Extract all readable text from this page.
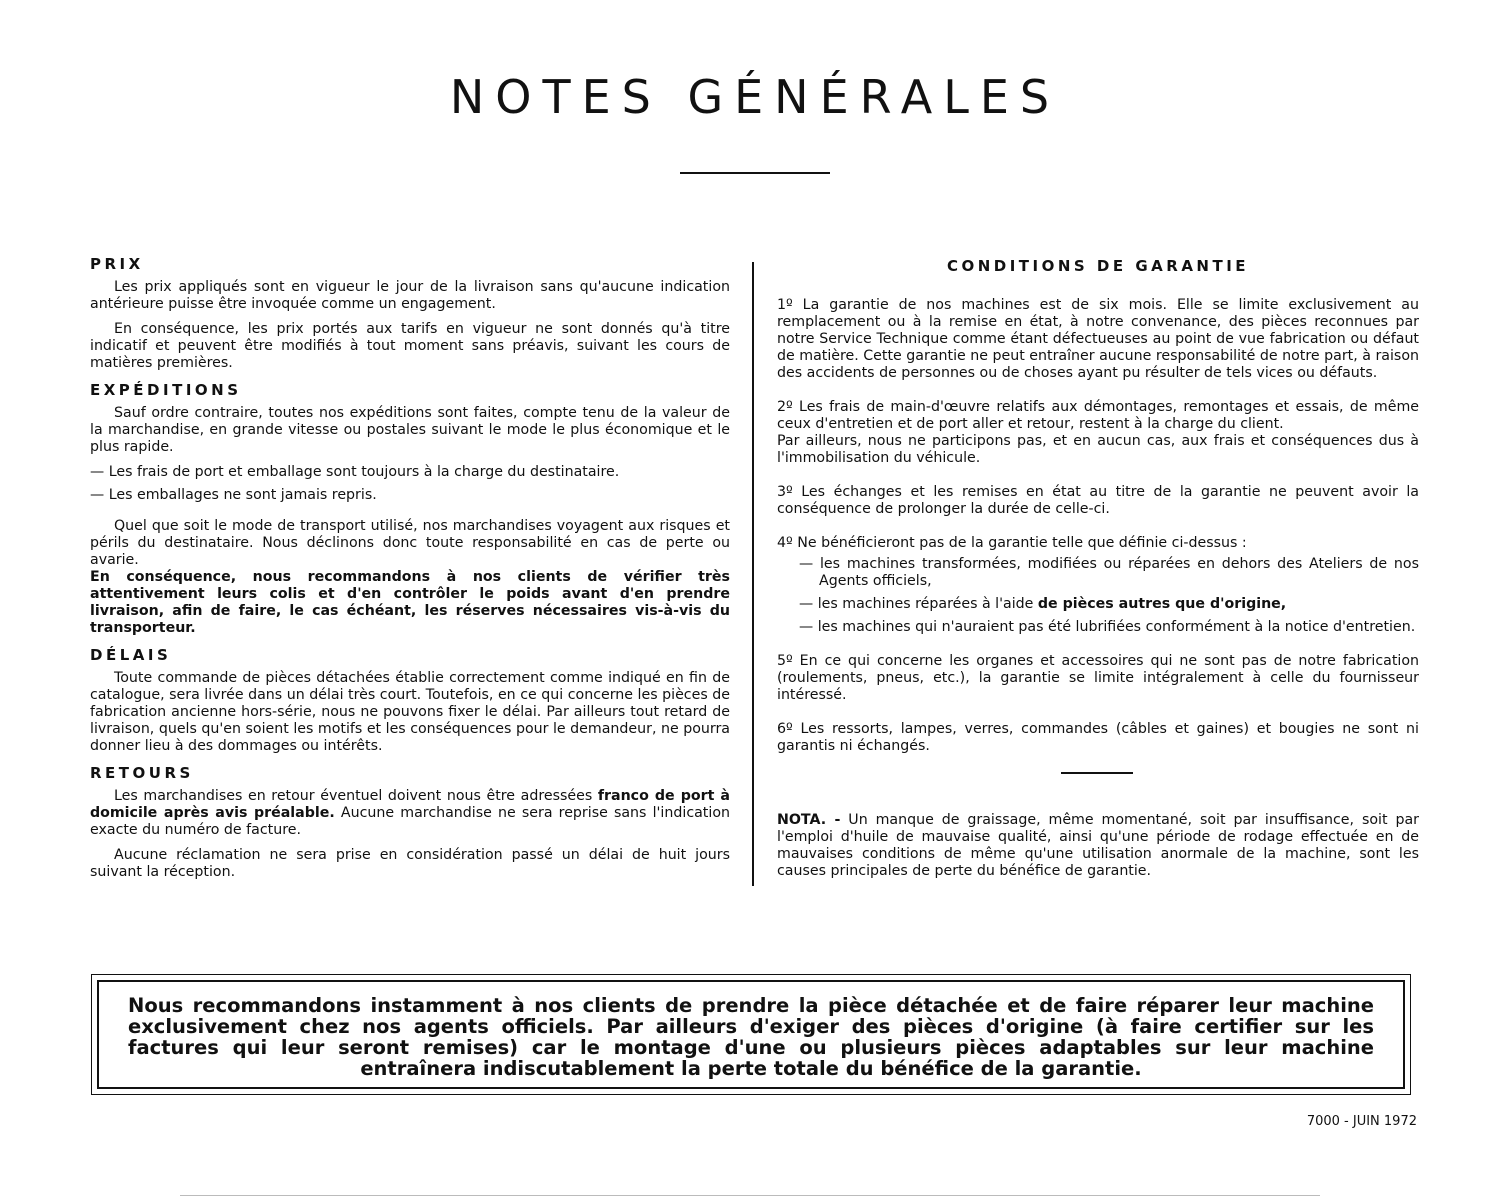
NOTES GÉNÉRALES
PRIX

Les prix appliqués sont en vigueur le jour de la livraison sans qu'aucune indication antérieure puisse être invoquée comme un engagement.

En conséquence, les prix portés aux tarifs en vigueur ne sont donnés qu'à titre indicatif et peuvent être modifiés à tout moment sans préavis, suivant les cours de matières premières.

EXPÉDITIONS

Sauf ordre contraire, toutes nos expéditions sont faites, compte tenu de la valeur de la marchandise, en grande vitesse ou postales suivant le mode le plus économique et le plus rapide.

— Les frais de port et emballage sont toujours à la charge du destinataire.

— Les emballages ne sont jamais repris.

Quel que soit le mode de transport utilisé, nos marchandises voyagent aux risques et périls du destinataire. Nous déclinons donc toute responsabilité en cas de perte ou avarie.

En conséquence, nous recommandons à nos clients de vérifier très attentivement leurs colis et d'en contrôler le poids avant d'en prendre livraison, afin de faire, le cas échéant, les réserves nécessaires vis-à-vis du transporteur.

DÉLAIS

Toute commande de pièces détachées établie correctement comme indiqué en fin de catalogue, sera livrée dans un délai très court. Toutefois, en ce qui concerne les pièces de fabrication ancienne hors-série, nous ne pouvons fixer le délai. Par ailleurs tout retard de livraison, quels qu'en soient les motifs et les conséquences pour le demandeur, ne pourra donner lieu à des dommages ou intérêts.

RETOURS

Les marchandises en retour éventuel doivent nous être adressées franco de port à domicile après avis préalable. Aucune marchandise ne sera reprise sans l'indication exacte du numéro de facture.

Aucune réclamation ne sera prise en considération passé un délai de huit jours suivant la réception.

CONDITIONS DE GARANTIE

1º La garantie de nos machines est de six mois. Elle se limite exclusivement au remplacement ou à la remise en état, à notre convenance, des pièces reconnues par notre Service Technique comme étant défectueuses au point de vue fabrication ou défaut de matière. Cette garantie ne peut entraîner aucune responsabilité de notre part, à raison des accidents de personnes ou de choses ayant pu résulter de tels vices ou défauts.

2º Les frais de main-d'œuvre relatifs aux démontages, remontages et essais, de même ceux d'entretien et de port aller et retour, restent à la charge du client.

Par ailleurs, nous ne participons pas, et en aucun cas, aux frais et conséquences dus à l'immobilisation du véhicule.

3º Les échanges et les remises en état au titre de la garantie ne peuvent avoir la conséquence de prolonger la durée de celle-ci.

4º Ne bénéficieront pas de la garantie telle que définie ci-dessus :

— les machines transformées, modifiées ou réparées en dehors des Ateliers de nos Agents officiels,

— les machines réparées à l'aide de pièces autres que d'origine,

— les machines qui n'auraient pas été lubrifiées conformément à la notice d'entretien.

5º En ce qui concerne les organes et accessoires qui ne sont pas de notre fabrication (roulements, pneus, etc.), la garantie se limite intégralement à celle du fournisseur intéressé.

6º Les ressorts, lampes, verres, commandes (câbles et gaines) et bougies ne sont ni garantis ni échangés.

NOTA. - Un manque de graissage, même momentané, soit par insuffisance, soit par l'emploi d'huile de mauvaise qualité, ainsi qu'une période de rodage effectuée en de mauvaises conditions de même qu'une utilisation anormale de la machine, sont les causes principales de perte du bénéfice de garantie.

Nous recommandons instamment à nos clients de prendre la pièce détachée et de faire réparer leur machine exclusivement chez nos agents officiels. Par ailleurs d'exiger des pièces d'origine (à faire certifier sur les factures qui leur seront remises) car le montage d'une ou plusieurs pièces adaptables sur leur machine entraînera indiscutablement la perte totale du bénéfice de la garantie.
7000 - JUIN 1972
